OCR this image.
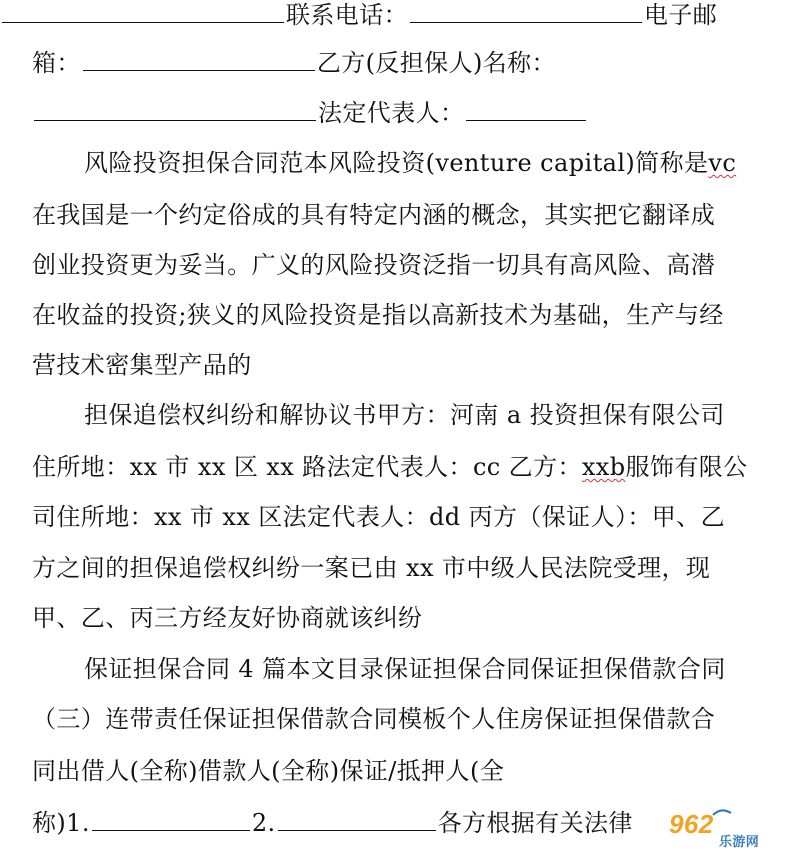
联系电话：	电子邮
箱：	乙方(反担保人)名称：
法定代表人：
风险投资担保合同范本风险投资(venture capital)简称是vc
在我国是一个约定俗成的具有特定内涵的概念，其实把它翻译成
创业投资更为妥当。广义的风险投资泛指一切具有高风险、高潜
在收益的投资;狭义的风险投资是指以高新技术为基础，生产与经
营技术密集型产品的
担保追偿权纠纷和解协议书甲方：河南 a 投资担保有限公司
住所地：xx 市 xx 区 xx 路法定代表人：cc 乙方：xxb服饰有限公
司住所地：xx 市 xx 区法定代表人：dd 丙方（保证人）：甲、乙
方之间的担保追偿权纠纷一案已由 xx 市中级人民法院受理，现
甲、乙、丙三方经友好协商就该纠纷
保证担保合同 4 篇本文目录保证担保合同保证担保借款合同
（三）连带责任保证担保借款合同模板个人住房保证担保借款合
同出借人(全称)借款人(全称)保证/抵押人(全
称)1.	2.	各方根据有关法律 962
乐游网
